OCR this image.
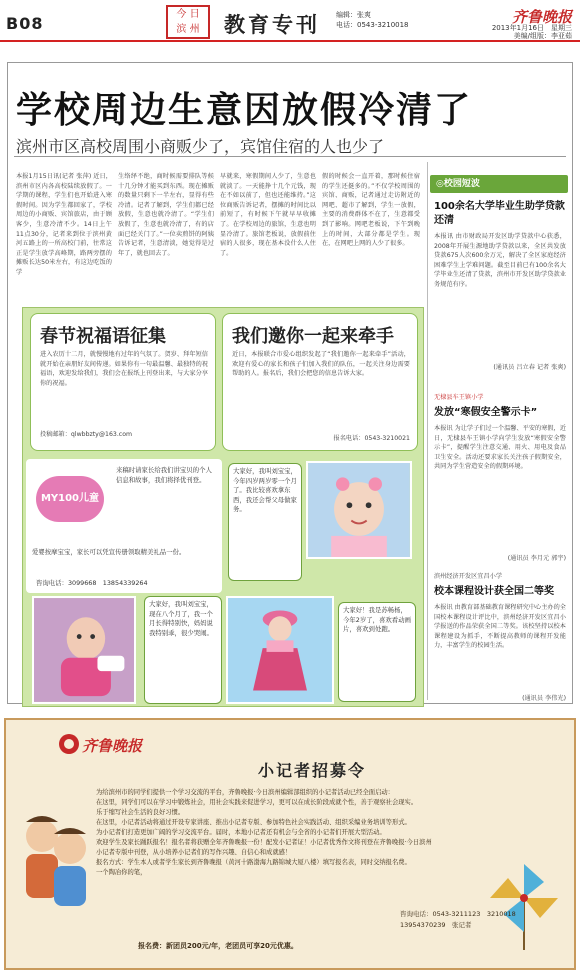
B08	今 日
滨 州	教育专刊 编辑：张爽
电话：0543-3210018	齐鲁晚报
2013年1月16日　星期三
美编/组版：李亚茹
学校周边生意因放假冷清了
滨州市区高校周围小商贩少了，宾馆住宿的人也少了
本报1月15日讯(记者 张萍) 近日，滨州市区内各高校陆续放假了。一学期的课程，学生们也开始进入寒假时间。因为学生都回家了，学校周边的小商贩、宾馆旅店，由于顾客少，生意冷清不少。14日上午11点30分，记者来到位于滨州黄河五路上的一所高校门前，往常这正是学生放学高峰期，路两旁摆的摊贩长达50米左右，有这边吃饭的学
生络绎不绝，商时候需要排队等候十几分钟才能买到东西。现在摊贩的数量只剩下一半左右，显得有些冷清。记者了解到，学生们都已经放假，生意也就冷清了。“学生们放假了，生意也就冷清了，有的店面已经关门了。”一位卖煎饼的阿姨告诉记者，生意清淡，她觉得是过年了，就也回去了。
早就来，寒假期间人少了，生意也就淡了。一天能挣十几个元钱，现在不如以前了，但也还能维持。”这位商贩告诉记者，摆摊的时间比以前短了，有时候下午就早早收摊了。在学校周边的旅馆，生意也明显冷清了。旅馆老板说，放假前住宿的人很多，现在基本没什么人住了。
假的时候会一直开着，那时候住宿的学生还挺多的。”不仅学校周围的宾馆、商贩，记者通过走访附近的网吧、超市了解到，学生一放假，主要的消费群体不在了，生意都受到了影响。网吧老板说，下午到晚上的时间，大部分都是学生。现在，在网吧上网的人少了很多。
◎校园短波
100余名大学毕业生助学贷款还清
本报讯 由市财政局开发区助学贷款中心获悉，2008年开展生源地助学贷款以来，全区共发放贷款675人次600余万元，解决了全区家庭经济困难学生上学难问题。截至目前已有100余名大学毕业生还清了贷款，滨州市开发区助学贷款业务规范有序。
(通讯员 吕立春 记者 张爽)
无棣县车王镇小学
发放“寒假安全警示卡”
本报讯 为让学子们过一个温馨、平安的寒假，近日，无棣县车王镇小学向学生发放“寒假安全警示卡”，提醒学生注意交通、用火、用电及食品卫生安全。活动还要求家长关注孩子假期安全，共同为学生营造安全的假期环境。
(通讯员 李月元 郭宇)
滨州经济开发区宜昌小学
校本课程设计获全国二等奖
本报讯 由教育部基础教育课程研究中心主办的全国校本课程设计评比中，滨州经济开发区宜昌小学报送的作品荣获全国二等奖。该校坚持以校本课程建设为抓手，不断提高教师的课程开发能力，丰富学生的校园生活。
(通讯员 李伟光)
春节祝福语征集
进入农历十二月，就慢慢地有过年的气氛了。贺岁、拜年短信就开始在亲朋好友间传递。如果你有一句最温馨、最独特的祝福语，欢迎发给我们，我们会在报纸上刊登出来，与大家分享你的祝福。
投稿邮箱：qlwbbzty@163.com
我们邀你一起来牵手
近日，本报联合市爱心组织发起了“我们邀你一起来牵手”活动，欢迎有爱心的家长和孩子们加入我们的队伍，一起关注身边需要帮助的人。报名后，我们会把您的信息告诉大家。
报名电话：0543-3210021
MY100儿童摄影
来稿时请家长给我们讲宝贝的个人信息和故事，我们将择优刊登。
爱婴按摩宝宝，家长可以凭宣传册领取精美礼品一份。
咨询电话：3099668　13854339264
大家好，我叫刘宝宝，今年四岁两岁零一个月了。我比较喜欢拿东西，我还会帮父母做家务。
大家好，我叫刘宝宝，现在八个月了，我一个月长得特别快，妈妈说我特别乖，很少哭闹。
大家好！我是苏畅杨，今年2岁了，喜欢看动画片，喜欢到处跑。
齐鲁晚报
小记者招募令

为给滨州市的同学们提供一个学习交流的平台，齐鲁晚报·今日滨州编辑部组织的小记者活动已经全面启动：

在这里，同学们可以在学习中锻炼社会，用社会实践来促进学习，更可以在成长阶段成就个性，善于观察社会现实。

乐于缩写社会生活的良好习惯。

在这里，小记者活动将通过开设专家讲座、推出小记者专版、参加特色社会实践活动、组织采编业务培训等形式。

为小记者们打造更加广阔的学习交流平台。届时，本地小记者还有机会与全省的小记者们开展大型活动。

欢迎学生及家长踊跃报名！报名者将获赠全年齐鲁晚报一份！配发小记者证！小记者优秀作文将刊登在齐鲁晚报·今日滨州

小记者专版中刊登，从小培养小记者们的写作兴趣、自信心和成就感！

报名方式：学生本人或者学生家长到齐鲁晚报（黄河十路渤海九路锦城大厦八楼）填写报名表，同时交纳报名费。

一个陶冶你的笔，

报名费：新团员200元/年，老团员可享20元优惠。
咨询电话：0543-3211123　3210018
13954370239　张记者
